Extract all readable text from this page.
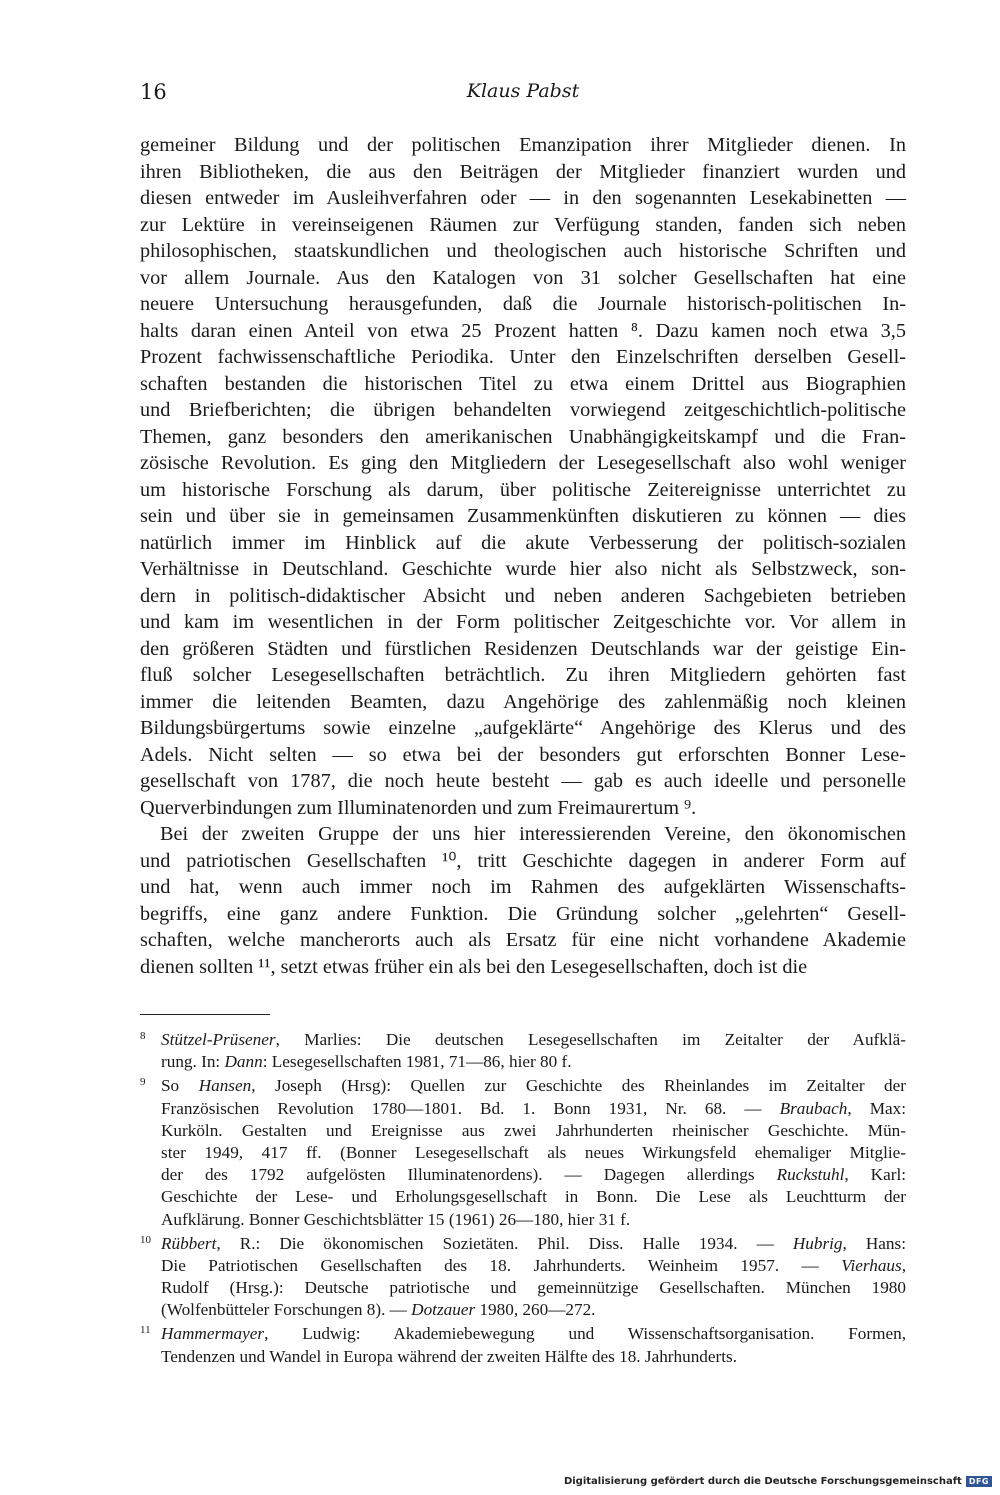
16	Klaus Pabst
gemeiner Bildung und der politischen Emanzipation ihrer Mitglieder dienen. In
ihren Bibliotheken, die aus den Beiträgen der Mitglieder finanziert wurden und
diesen entweder im Ausleihverfahren oder — in den sogenannten Lesekabinetten —
zur Lektüre in vereinseigenen Räumen zur Verfügung standen, fanden sich neben
philosophischen, staatskundlichen und theologischen auch historische Schriften und
vor allem Journale. Aus den Katalogen von 31 solcher Gesellschaften hat eine
neuere Untersuchung herausgefunden, daß die Journale historisch-politischen In-
halts daran einen Anteil von etwa 25 Prozent hatten ⁸. Dazu kamen noch etwa 3,5
Prozent fachwissenschaftliche Periodika. Unter den Einzelschriften derselben Gesell-
schaften bestanden die historischen Titel zu etwa einem Drittel aus Biographien
und Briefberichten; die übrigen behandelten vorwiegend zeitgeschichtlich-politische
Themen, ganz besonders den amerikanischen Unabhängigkeitskampf und die Fran-
zösische Revolution. Es ging den Mitgliedern der Lesegesellschaft also wohl weniger
um historische Forschung als darum, über politische Zeitereignisse unterrichtet zu
sein und über sie in gemeinsamen Zusammenkünften diskutieren zu können — dies
natürlich immer im Hinblick auf die akute Verbesserung der politisch-sozialen
Verhältnisse in Deutschland. Geschichte wurde hier also nicht als Selbstzweck, son-
dern in politisch-didaktischer Absicht und neben anderen Sachgebieten betrieben
und kam im wesentlichen in der Form politischer Zeitgeschichte vor. Vor allem in
den größeren Städten und fürstlichen Residenzen Deutschlands war der geistige Ein-
fluß solcher Lesegesellschaften beträchtlich. Zu ihren Mitgliedern gehörten fast
immer die leitenden Beamten, dazu Angehörige des zahlenmäßig noch kleinen
Bildungsbürgertums sowie einzelne „aufgeklärte“ Angehörige des Klerus und des
Adels. Nicht selten — so etwa bei der besonders gut erforschten Bonner Lese-
gesellschaft von 1787, die noch heute besteht — gab es auch ideelle und personelle
Querverbindungen zum Illuminatenorden und zum Freimaurertum ⁹.
Bei der zweiten Gruppe der uns hier interessierenden Vereine, den ökonomischen
und patriotischen Gesellschaften ¹⁰, tritt Geschichte dagegen in anderer Form auf
und hat, wenn auch immer noch im Rahmen des aufgeklärten Wissenschafts-
begriffs, eine ganz andere Funktion. Die Gründung solcher „gelehrten“ Gesell-
schaften, welche mancherorts auch als Ersatz für eine nicht vorhandene Akademie
dienen sollten ¹¹, setzt etwas früher ein als bei den Lesegesellschaften, doch ist die
8 Stützel-Prüsener, Marlies: Die deutschen Lesegesellschaften im Zeitalter der Aufklä-
rung. In: Dann: Lesegesellschaften 1981, 71—86, hier 80 f.
9 So Hansen, Joseph (Hrsg): Quellen zur Geschichte des Rheinlandes im Zeitalter der
Französischen Revolution 1780—1801. Bd. 1. Bonn 1931, Nr. 68. — Braubach, Max:
Kurköln. Gestalten und Ereignisse aus zwei Jahrhunderten rheinischer Geschichte. Mün-
ster 1949, 417 ff. (Bonner Lesegesellschaft als neues Wirkungsfeld ehemaliger Mitglie-
der des 1792 aufgelösten Illuminatenordens). — Dagegen allerdings Ruckstuhl, Karl:
Geschichte der Lese- und Erholungsgesellschaft in Bonn. Die Lese als Leuchtturm der
Aufklärung. Bonner Geschichtsblätter 15 (1961) 26—180, hier 31 f.
10 Rübbert, R.: Die ökonomischen Sozietäten. Phil. Diss. Halle 1934. — Hubrig, Hans:
Die Patriotischen Gesellschaften des 18. Jahrhunderts. Weinheim 1957. — Vierhaus,
Rudolf (Hrsg.): Deutsche patriotische und gemeinnützige Gesellschaften. München 1980
(Wolfenbütteler Forschungen 8). — Dotzauer 1980, 260—272.
11 Hammermayer, Ludwig: Akademiebewegung und Wissenschaftsorganisation. Formen,
Tendenzen und Wandel in Europa während der zweiten Hälfte des 18. Jahrhunderts.
Digitalisierung gefördert durch die Deutsche Forschungsgemeinschaft DFG
